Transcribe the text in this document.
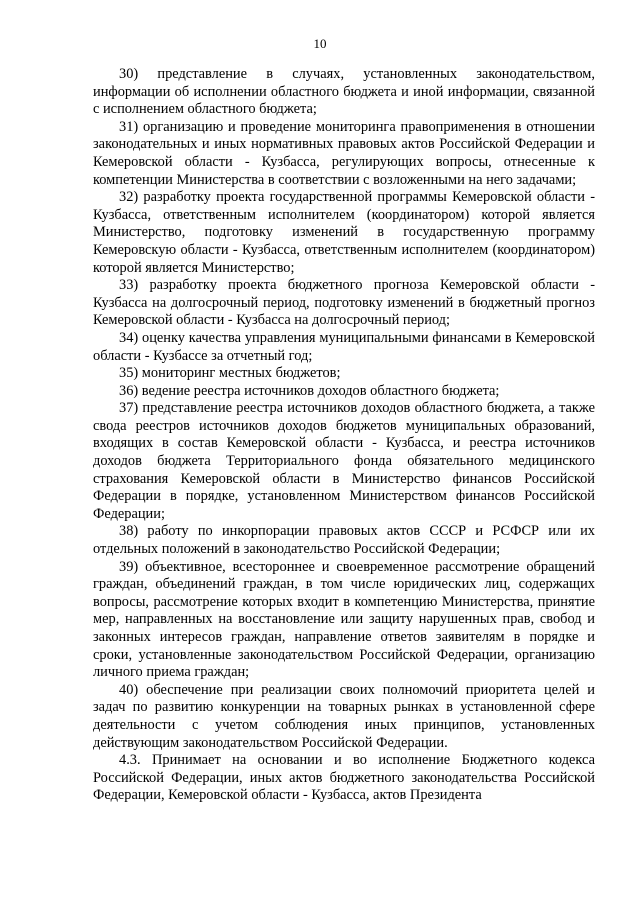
10

30) представление в случаях, установленных законодательством, информации об исполнении областного бюджета и иной информации, связанной с исполнением областного бюджета;

31) организацию и проведение мониторинга правоприменения в отношении законодательных и иных нормативных правовых актов Российской Федерации и Кемеровской области - Кузбасса, регулирующих вопросы, отнесенные к компетенции Министерства в соответствии с возложенными на него задачами;

32) разработку проекта государственной программы Кемеровской области - Кузбасса, ответственным исполнителем (координатором) которой является Министерство, подготовку изменений в государственную программу Кемеровскую области - Кузбасса, ответственным исполнителем (координатором) которой является Министерство;

33) разработку проекта бюджетного прогноза Кемеровской области - Кузбасса на долгосрочный период, подготовку изменений в бюджетный прогноз Кемеровской области - Кузбасса на долгосрочный период;

34) оценку качества управления муниципальными финансами в Кемеровской области - Кузбассе за отчетный год;

35) мониторинг местных бюджетов;

36) ведение реестра источников доходов областного бюджета;

37) представление реестра источников доходов областного бюджета, а также свода реестров источников доходов бюджетов муниципальных образований, входящих в состав Кемеровской области - Кузбасса, и реестра источников доходов бюджета Территориального фонда обязательного медицинского страхования Кемеровской области в Министерство финансов Российской Федерации в порядке, установленном Министерством финансов Российской Федерации;

38) работу по инкорпорации правовых актов СССР и РСФСР или их отдельных положений в законодательство Российской Федерации;

39) объективное, всестороннее и своевременное рассмотрение обращений граждан, объединений граждан, в том числе юридических лиц, содержащих вопросы, рассмотрение которых входит в компетенцию Министерства, принятие мер, направленных на восстановление или защиту нарушенных прав, свобод и законных интересов граждан, направление ответов заявителям в порядке и сроки, установленные законодательством Российской Федерации, организацию личного приема граждан;

40) обеспечение при реализации своих полномочий приоритета целей и задач по развитию конкуренции на товарных рынках в установленной сфере деятельности с учетом соблюдения иных принципов, установленных действующим законодательством Российской Федерации.

4.3. Принимает на основании и во исполнение Бюджетного кодекса Российской Федерации, иных актов бюджетного законодательства Российской Федерации, Кемеровской области - Кузбасса, актов Президента
